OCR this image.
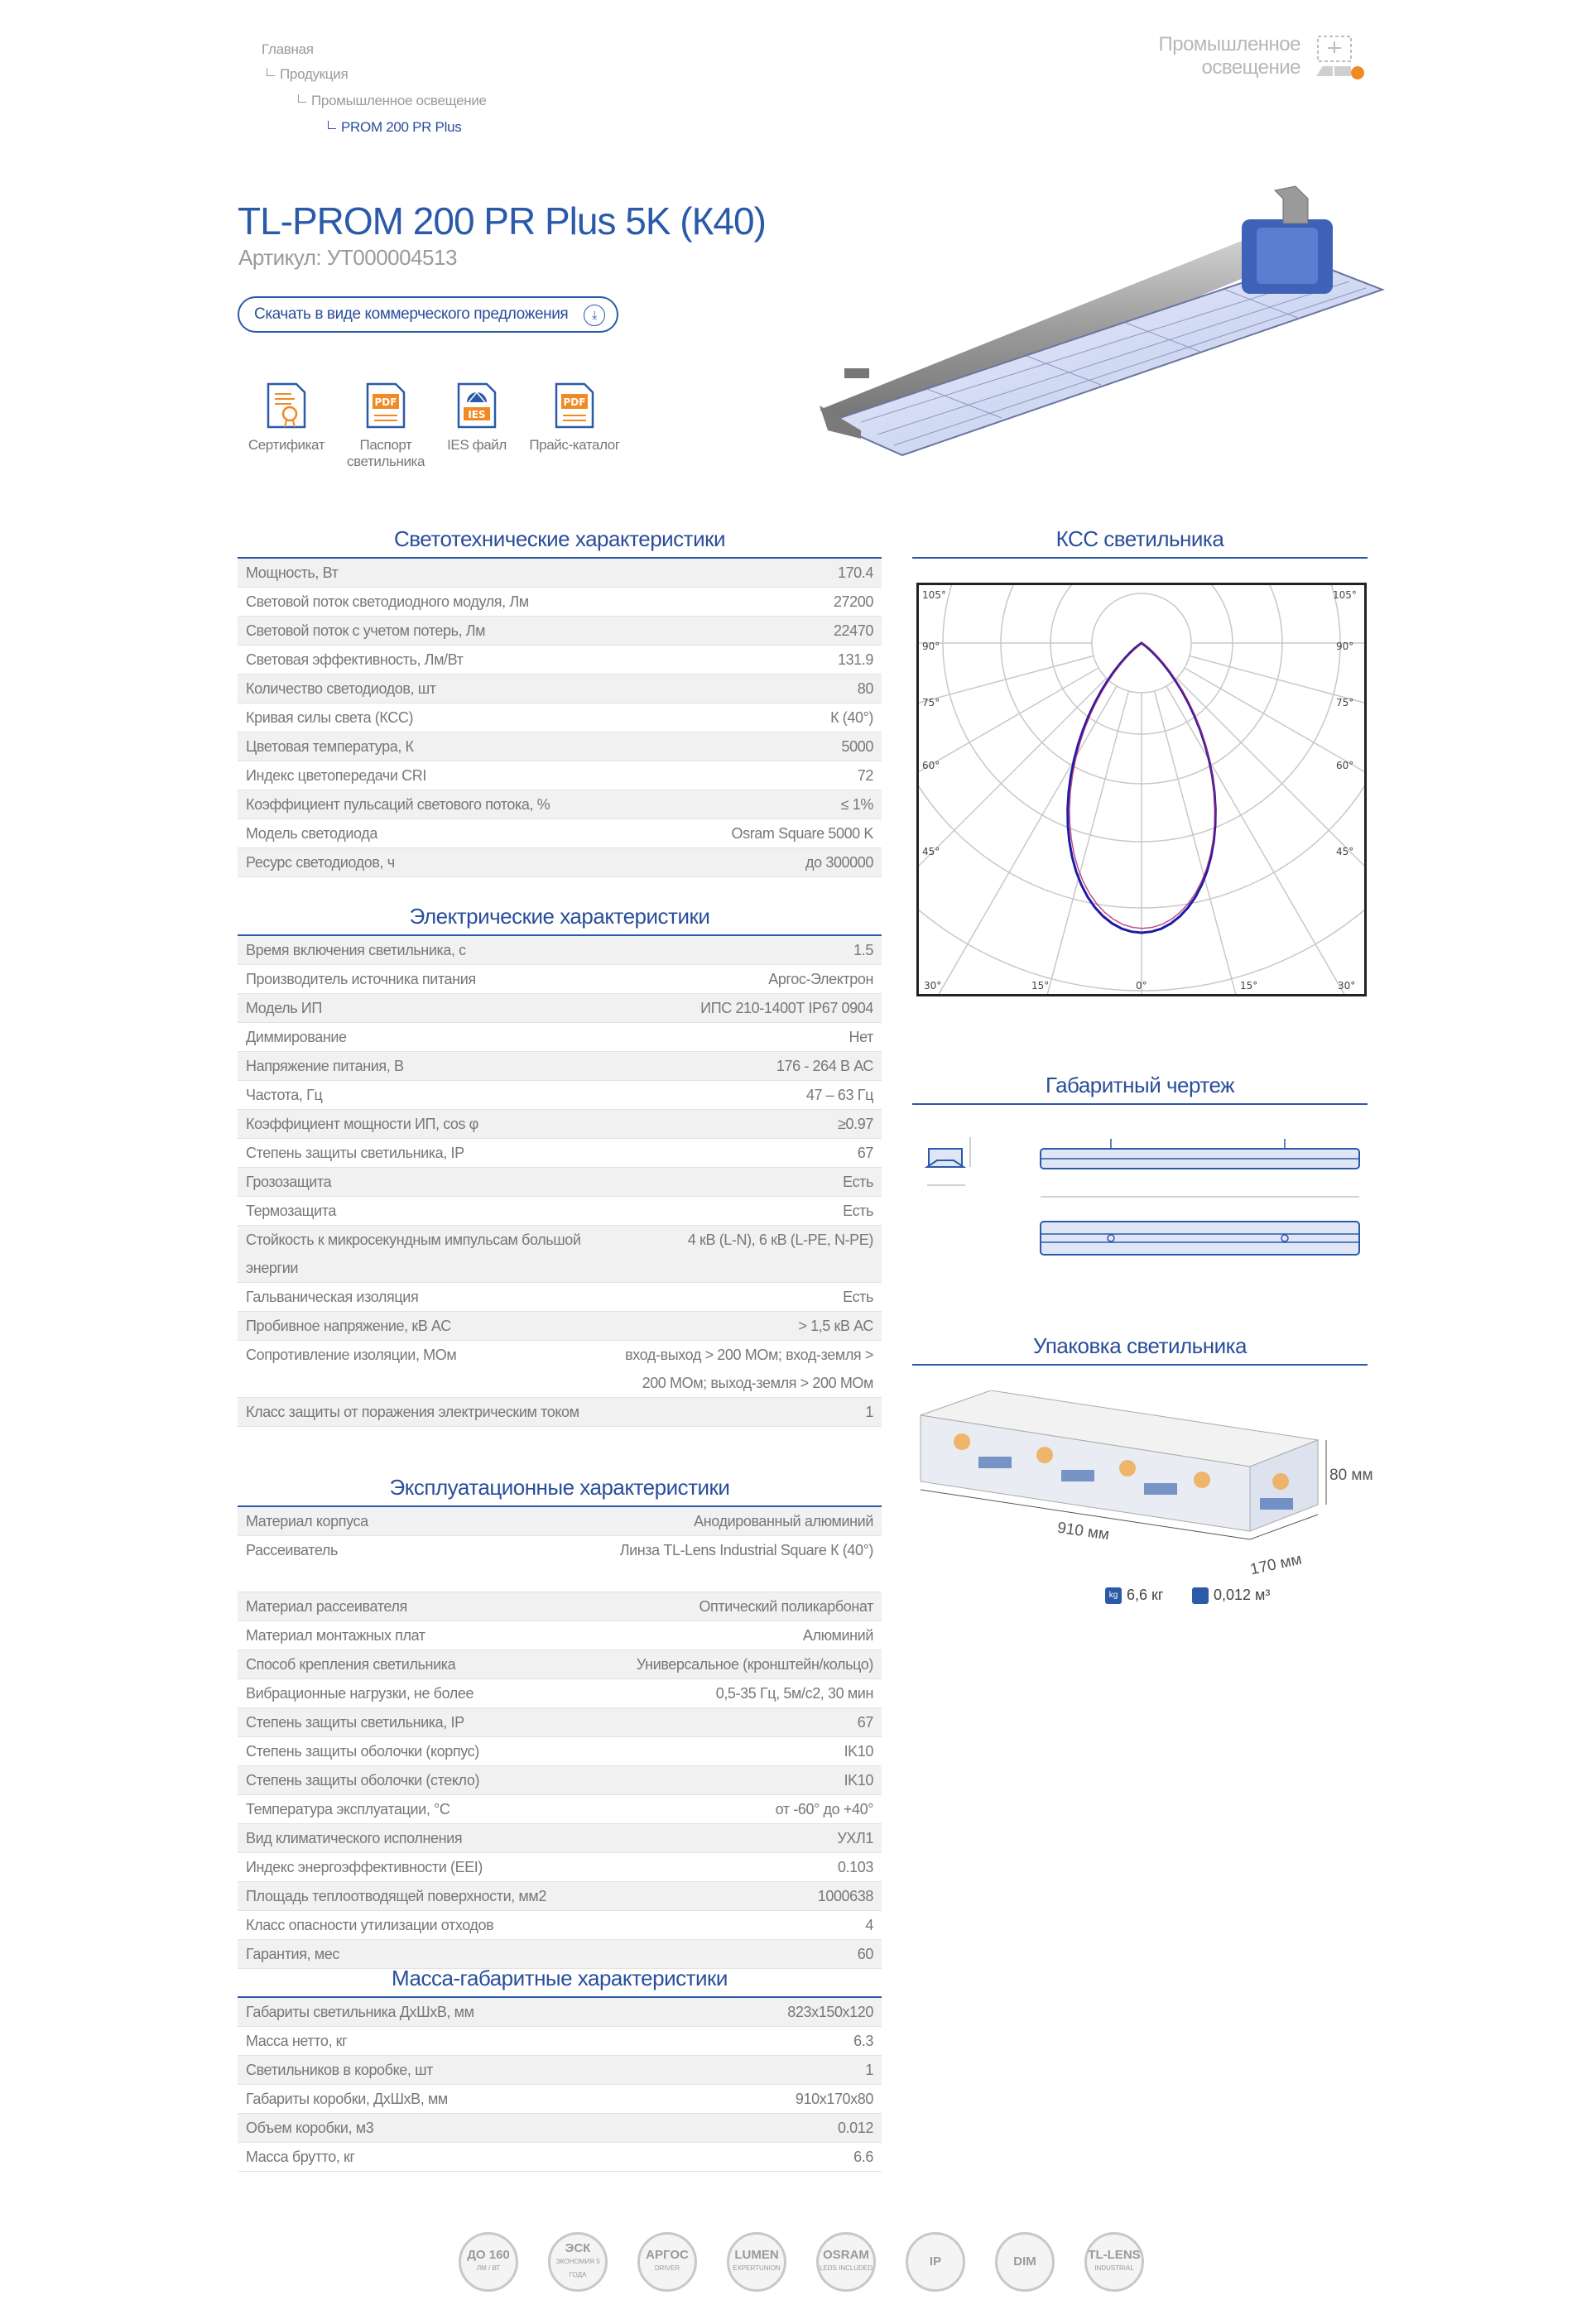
Главная
Продукция
Промышленное освещение
PROM 200 PR Plus
Промышленное
освещение
TL-PROM 200 PR Plus 5K (К40)
Артикул: УТ000004513
Скачать в виде коммерческого предложения	⤓
Сертификат
PDF
Паспорт
светильника
IES
IES файл
PDF
Прайс-каталог
Светотехнические характеристики
Мощность, Вт	170.4
Световой поток светодиодного модуля, Лм	27200
Световой поток с учетом потерь, Лм	22470
Световая эффективность, Лм/Вт	131.9
Количество светодиодов, шт	80
Кривая силы света (КСС)	К (40°)
Цветовая температура, К	5000
Индекс цветопередачи CRI	72
Коэффициент пульсаций светового потока, %	≤ 1%
Модель светодиода	Osram Square 5000 K
Ресурс светодиодов, ч	до 300000
Электрические характеристики
Время включения светильника, с	1.5
Производитель источника питания	Аргос-Электрон
Модель ИП	ИПС 210-1400Т IP67 0904
Диммирование	Нет
Напряжение питания, В	176 - 264 В АС
Частота, Гц	47 – 63 Гц
Коэффициент мощности ИП, cos φ	≥0.97
Степень защиты светильника, IP	67
Грозозащита	Есть
Термозащита	Есть
Стойкость к микросекундным импульсам большой энергии	4 кВ (L-N), 6 кВ (L-PE, N-PE)
Гальваническая изоляция	Есть
Пробивное напряжение, кВ АС	> 1,5 кВ АС
Сопротивление изоляции, МОм	вход-выход > 200 МОм; вход-земля > 200 МОм; выход-земля > 200 МОм
Класс защиты от поражения электрическим током	1
Эксплуатационные характеристики
Материал корпуса	Анодированный алюминий
Рассеиватель	Линза TL-Lens Industrial Square К (40°)
Материал рассеивателя	Оптический поликарбонат
Материал монтажных плат	Алюминий
Способ крепления светильника	Универсальное (кронштейн/кольцо)
Вибрационные нагрузки, не более	0,5-35 Гц, 5м/с2, 30 мин
Степень защиты светильника, IP	67
Степень защиты оболочки (корпус)	IK10
Степень защиты оболочки (стекло)	IK10
Температура эксплуатации, °С	от -60° до +40°
Вид климатического исполнения	УХЛ1
Индекс энергоэффективности (EEI)	0.103
Площадь теплоотводящей поверхности, мм2	1000638
Класс опасности утилизации отходов	4
Гарантия, мес	60
Масса-габаритные характеристики
Габариты светильника ДхШхВ, мм	823х150х120
Масса нетто, кг	6.3
Светильников в коробке, шт	1
Габариты коробки, ДхШхВ, мм	910х170х80
Объем коробки, м3	0.012
Масса брутто, кг	6.6
КСС светильника
105°
90°
75°
60°
45°
105°
90°
75°
60°
45°
30°	15°	0°	15°	30°
Габаритный чертеж
Упаковка светильника
910 мм
170 мм
80 мм
kg 6,6 кг	0,012 м³
ДО 160
ЛМ / ВТ
ЭСК
ЭКОНОМИЯ 5 ГОДА
АРГОС
DRIVER
LUMEN
EXPERTUNION
OSRAM
LEDS INCLUDED	IP	DIM	TL-LENS
INDUSTRIAL
